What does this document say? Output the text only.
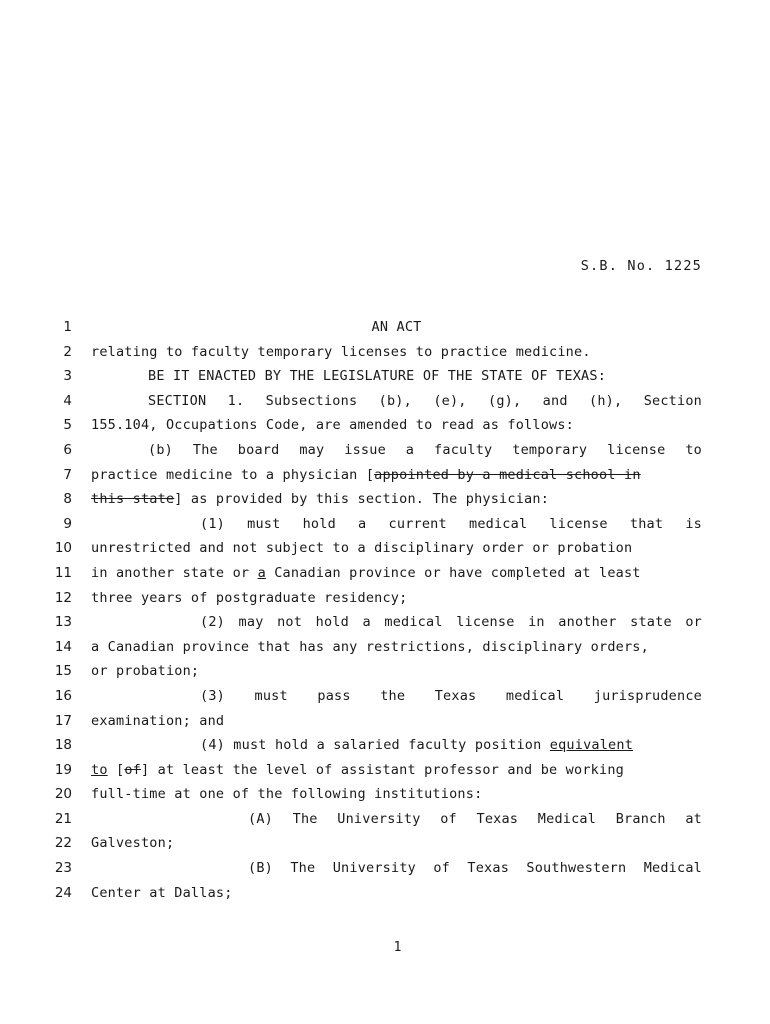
S.B. No. 1225
1	AN ACT
2 relating to faculty temporary licenses to practice medicine.
3	BE IT ENACTED BY THE LEGISLATURE OF THE STATE OF TEXAS:
4	SECTION 1. Subsections (b), (e), (g), and (h), Section
5 155.104, Occupations Code, are amended to read as follows:
6	(b) The board may issue a faculty temporary license to
7 practice medicine to a physician [appointed by a medical school in
8 this state] as provided by this section. The physician:
9	(1) must hold a current medical license that is
10 unrestricted and not subject to a disciplinary order or probation
11 in another state or a Canadian province or have completed at least
12 three years of postgraduate residency;
13	(2) may not hold a medical license in another state or
14 a Canadian province that has any restrictions, disciplinary orders,
15 or probation;
16	(3) must pass the Texas medical jurisprudence
17 examination; and
18	(4) must hold a salaried faculty position equivalent
19 to [of] at least the level of assistant professor and be working
20 full-time at one of the following institutions:
21	(A) The University of Texas Medical Branch at
22 Galveston;
23	(B) The University of Texas Southwestern Medical
24 Center at Dallas;
1
